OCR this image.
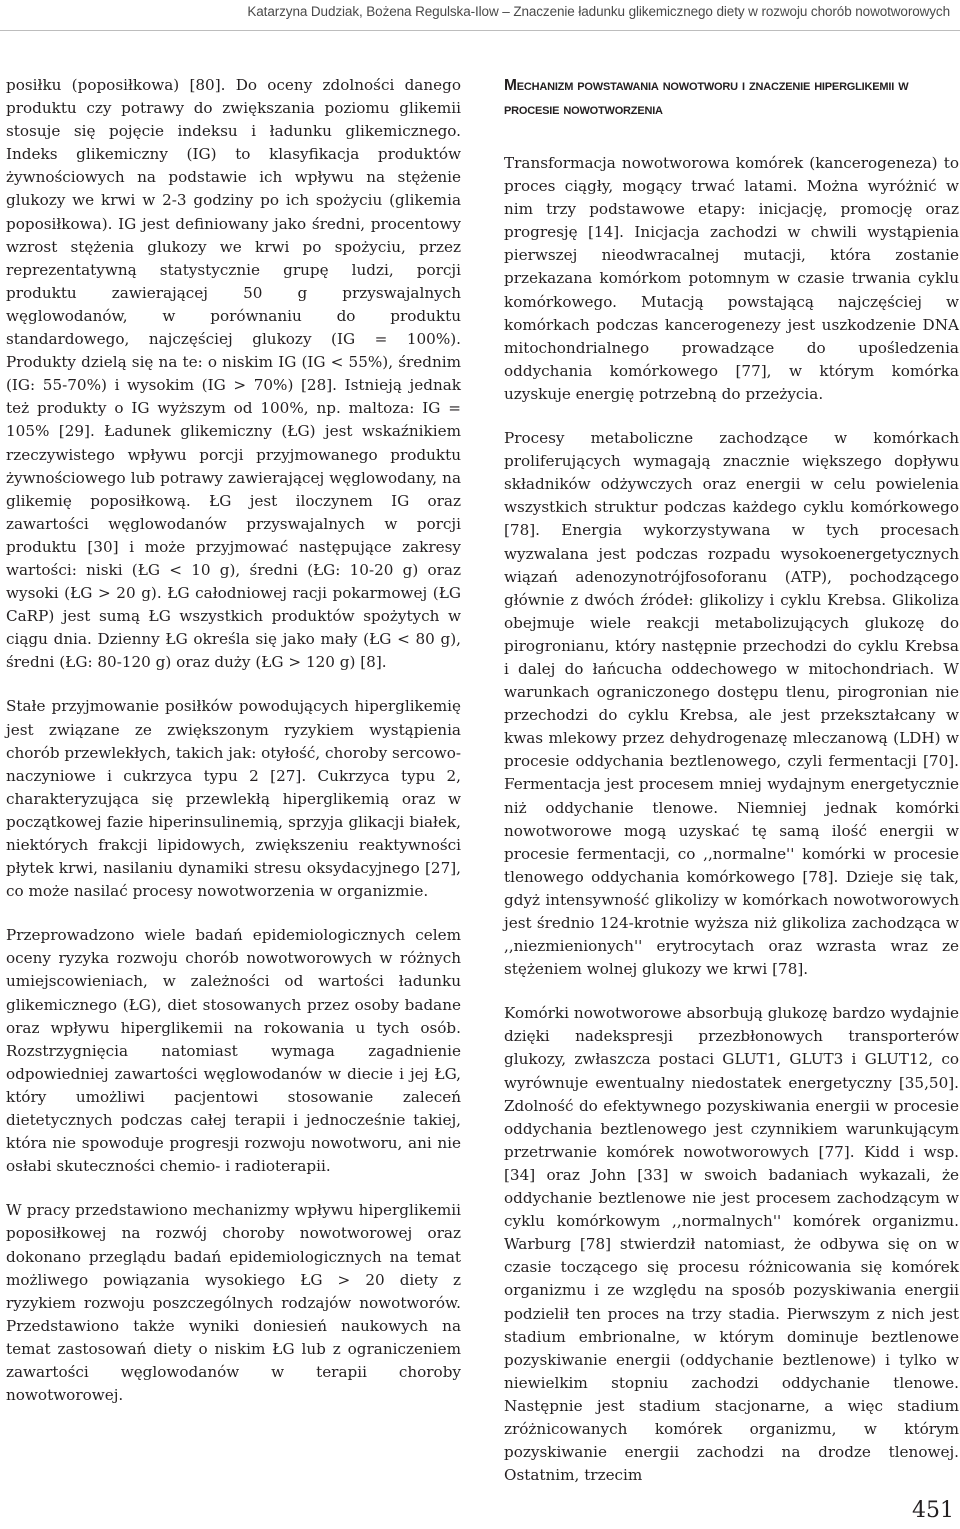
Katarzyna Dudziak, Bożena Regulska-Ilow – Znaczenie ładunku glikemicznego diety w rozwoju chorób nowotworowych

posiłku (poposiłkowa) [80]. Do oceny zdolności danego produktu czy potrawy do zwiększania poziomu glikemii stosuje się pojęcie indeksu i ładunku glikemicznego. Indeks glikemiczny (IG) to klasyfikacja produktów żywnościowych na podstawie ich wpływu na stężenie glukozy we krwi w 2-3 godziny po ich spożyciu (glikemia poposiłkowa). IG jest definiowany jako średni, procentowy wzrost stężenia glukozy we krwi po spożyciu, przez reprezentatywną statystycznie grupę ludzi, porcji produktu zawierającej 50 g przyswajalnych węglowodanów, w porównaniu do produktu standardowego, najczęściej glukozy (IG = 100%). Produkty dzielą się na te: o niskim IG (IG < 55%), średnim (IG: 55-70%) i wysokim (IG > 70%) [28]. Istnieją jednak też produkty o IG wyższym od 100%, np. maltoza: IG = 105% [29]. Ładunek glikemiczny (ŁG) jest wskaźnikiem rzeczywistego wpływu porcji przyjmowanego produktu żywnościowego lub potrawy zawierającej węglowodany, na glikemię poposiłkową. ŁG jest iloczynem IG oraz zawartości węglowodanów przyswajalnych w porcji produktu [30] i może przyjmować następujące zakresy wartości: niski (ŁG < 10 g), średni (ŁG: 10-20 g) oraz wysoki (ŁG > 20 g). ŁG całodniowej racji pokarmowej (ŁG CaRP) jest sumą ŁG wszystkich produktów spożytych w ciągu dnia. Dzienny ŁG określa się jako mały (ŁG < 80 g), średni (ŁG: 80-120 g) oraz duży (ŁG > 120 g) [8].

Stałe przyjmowanie posiłków powodujących hiperglikemię jest związane ze zwiększonym ryzykiem wystąpienia chorób przewlekłych, takich jak: otyłość, choroby sercowo-naczyniowe i cukrzyca typu 2 [27]. Cukrzyca typu 2, charakteryzująca się przewlekłą hiperglikemią oraz w początkowej fazie hiperinsulinemią, sprzyja glikacji białek, niektórych frakcji lipidowych, zwiększeniu reaktywności płytek krwi, nasilaniu dynamiki stresu oksydacyjnego [27], co może nasilać procesy nowotworzenia w organizmie.

Przeprowadzono wiele badań epidemiologicznych celem oceny ryzyka rozwoju chorób nowotworowych w różnych umiejscowieniach, w zależności od wartości ładunku glikemicznego (ŁG), diet stosowanych przez osoby badane oraz wpływu hiperglikemii na rokowania u tych osób. Rozstrzygnięcia natomiast wymaga zagadnienie odpowiedniej zawartości węglowodanów w diecie i jej ŁG, który umożliwi pacjentowi stosowanie zaleceń dietetycznych podczas całej terapii i jednocześnie takiej, która nie spowoduje progresji rozwoju nowotworu, ani nie osłabi skuteczności chemio- i radioterapii.

W pracy przedstawiono mechanizmy wpływu hiperglikemii poposiłkowej na rozwój choroby nowotworowej oraz dokonano przeglądu badań epidemiologicznych na temat możliwego powiązania wysokiego ŁG > 20 diety z ryzykiem rozwoju poszczególnych rodzajów nowotworów. Przedstawiono także wyniki doniesień naukowych na temat zastosowań diety o niskim ŁG lub z ograniczeniem zawartości węglowodanów w terapii choroby nowotworowej.

Mechanizm powstawania nowotworu i znaczenie hiperglikemii w procesie nowotworzenia

Transformacja nowotworowa komórek (kancerogeneza) to proces ciągły, mogący trwać latami. Można wyróżnić w nim trzy podstawowe etapy: inicjację, promocję oraz progresję [14]. Inicjacja zachodzi w chwili wystąpienia pierwszej nieodwracalnej mutacji, która zostanie przekazana komórkom potomnym w czasie trwania cyklu komórkowego. Mutacją powstającą najczęściej w komórkach podczas kancerogenezy jest uszkodzenie DNA mitochondrialnego prowadzące do upośledzenia oddychania komórkowego [77], w którym komórka uzyskuje energię potrzebną do przeżycia.

Procesy metaboliczne zachodzące w komórkach proliferujących wymagają znacznie większego dopływu składników odżywczych oraz energii w celu powielenia wszystkich struktur podczas każdego cyklu komórkowego [78]. Energia wykorzystywana w tych procesach wyzwalana jest podczas rozpadu wysokoenergetycznych wiązań adenozynotrójfosoforanu (ATP), pochodzącego głównie z dwóch źródeł: glikolizy i cyklu Krebsa. Glikoliza obejmuje wiele reakcji metabolizujących glukozę do pirogronianu, który następnie przechodzi do cyklu Krebsa i dalej do łańcucha oddechowego w mitochondriach. W warunkach ograniczonego dostępu tlenu, pirogronian nie przechodzi do cyklu Krebsa, ale jest przekształcany w kwas mlekowy przez dehydrogenazę mleczanową (LDH) w procesie oddychania beztlenowego, czyli fermentacji [70]. Fermentacja jest procesem mniej wydajnym energetycznie niż oddychanie tlenowe. Niemniej jednak komórki nowotworowe mogą uzyskać tę samą ilość energii w procesie fermentacji, co ,,normalne'' komórki w procesie tlenowego oddychania komórkowego [78]. Dzieje się tak, gdyż intensywność glikolizy w komórkach nowotworowych jest średnio 124-krotnie wyższa niż glikoliza zachodząca w ,,niezmienionych'' erytrocytach oraz wzrasta wraz ze stężeniem wolnej glukozy we krwi [78].

Komórki nowotworowe absorbują glukozę bardzo wydajnie dzięki nadekspresji przezbłonowych transporterów glukozy, zwłaszcza postaci GLUT1, GLUT3 i GLUT12, co wyrównuje ewentualny niedostatek energetyczny [35,50]. Zdolność do efektywnego pozyskiwania energii w procesie oddychania beztlenowego jest czynnikiem warunkującym przetrwanie komórek nowotworowych [77]. Kidd i wsp. [34] oraz John [33] w swoich badaniach wykazali, że oddychanie beztlenowe nie jest procesem zachodzącym w cyklu komórkowym ,,normalnych'' komórek organizmu. Warburg [78] stwierdził natomiast, że odbywa się on w czasie toczącego się procesu różnicowania się komórek organizmu i ze względu na sposób pozyskiwania energii podzielił ten proces na trzy stadia. Pierwszym z nich jest stadium embrionalne, w którym dominuje beztlenowe pozyskiwanie energii (oddychanie beztlenowe) i tylko w niewielkim stopniu zachodzi oddychanie tlenowe. Następnie jest stadium stacjonarne, a więc stadium zróżnicowanych komórek organizmu, w którym pozyskiwanie energii zachodzi na drodze tlenowej. Ostatnim, trzecim

451
